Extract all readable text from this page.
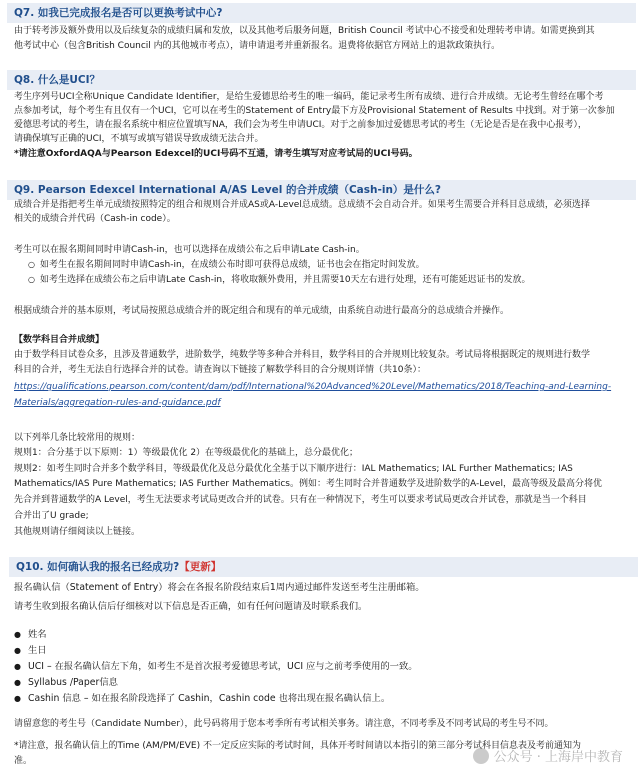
Q7. 如我已完成报名是否可以更换考试中心?
由于转考涉及额外费用以及后续复杂的成绩归属和发放，以及其他考后服务问题，British Council 考试中心不接受和处理转考申请。如需更换到其
他考试中心（包含British Council 内的其他城市考点），请申请退考并重新报名。退费将依据官方网站上的退款政策执行。
Q8. 什么是UCI？
考生序列号UCI全称Unique Candidate Identifier，是给生爱德思给考生的唯一编码，能记录考生所有成绩、进行合并成绩。无论考生曾经在哪个考
点参加考试，每个考生有且仅有一个UCI，它可以在考生的Statement of Entry最下方及Provisional Statement of Results 中找到。对于第一次参加
爱德思考试的考生，请在报名系统中相应位置填写NA，我们会为考生申请UCI。对于之前参加过爱德思考试的考生（无论是否是在我中心报考），
请确保填写正确的UCI，不填写或填写错误导致成绩无法合并。
*请注意OxfordAQA与Pearson Edexcel的UCI号码不互通，请考生填写对应考试局的UCI号码。
Q9. Pearson Edexcel International A/AS Level 的合并成绩（Cash-in）是什么?
成绩合并是指把考生单元成绩按照特定的组合和规则合并成AS或A-Level总成绩。总成绩不会自动合并。如果考生需要合并科目总成绩，必须选择
相关的成绩合并代码（Cash-in code）。
考生可以在报名期间同时申请Cash-in，也可以选择在成绩公布之后申请Late Cash-in。
○ 如考生在报名期间同时申请Cash-in，在成绩公布时即可获得总成绩，证书也会在指定时间发放。
○ 如考生选择在成绩公布之后申请Late Cash-in，将收取额外费用，并且需要10天左右进行处理，还有可能延迟证书的发放。
根据成绩合并的基本原则，考试局按照总成绩合并的既定组合和现有的单元成绩，由系统自动进行最高分的总成绩合并操作。
【数学科目合并成绩】
由于数学科目试卷众多，且涉及普通数学，进阶数学，纯数学等多种合并科目，数学科目的合并规则比较复杂。考试局将根据既定的规则进行数学
科目的合并，考生无法自行选择合并的试卷。请查询以下链接了解数学科目的合分规则详情（共10条）：
https://qualifications.pearson.com/content/dam/pdf/International%20Advanced%20Level/Mathematics/2018/Teaching-and-Learning-
Materials/aggregation-rules-and-guidance.pdf
以下列举几条比较常用的规则：
规则1：合分基于以下原则：1）等级最优化 2）在等级最优化的基础上，总分最优化；
规则2：如考生同时合并多个数学科目，等级最优化及总分最优化全基于以下顺序进行：IAL Mathematics; IAL Further Mathematics; IAS
Mathematics/IAS Pure Mathematics; IAS Further Mathematics。例如：考生同时合并普通数学及进阶数学的A-Level，最高等级及最高分将优
先合并到普通数学的A Level，考生无法要求考试局更改合并的试卷。只有在一种情况下，考生可以要求考试局更改合并试卷，那就是当一个科目
合并出了U grade;
其他规则请仔细阅读以上链接。
Q10. 如何确认我的报名已经成功?【更新】
报名确认信（Statement of Entry）将会在各报名阶段结束后1周内通过邮件发送至考生注册邮箱。
请考生收到报名确认信后仔细核对以下信息是否正确，如有任何问题请及时联系我们。
● 姓名
● 生日
● UCI – 在报名确认信左下角，如考生不是首次报考爱德思考试，UCI 应与之前考季使用的一致。
● Syllabus /Paper信息
● Cashin 信息 – 如在报名阶段选择了 Cashin，Cashin code 也将出现在报名确认信上。
请留意您的考生号（Candidate Number），此号码将用于您本考季所有考试相关事务。请注意，不同考季及不同考试局的考生号不同。
*请注意，报名确认信上的Time (AM/PM/EVE) 不一定反应实际的考试时间，具体开考时间请以本指引的第三部分考试科目信息表及考前通知为
准。	公众号 · 上海岸中教育
